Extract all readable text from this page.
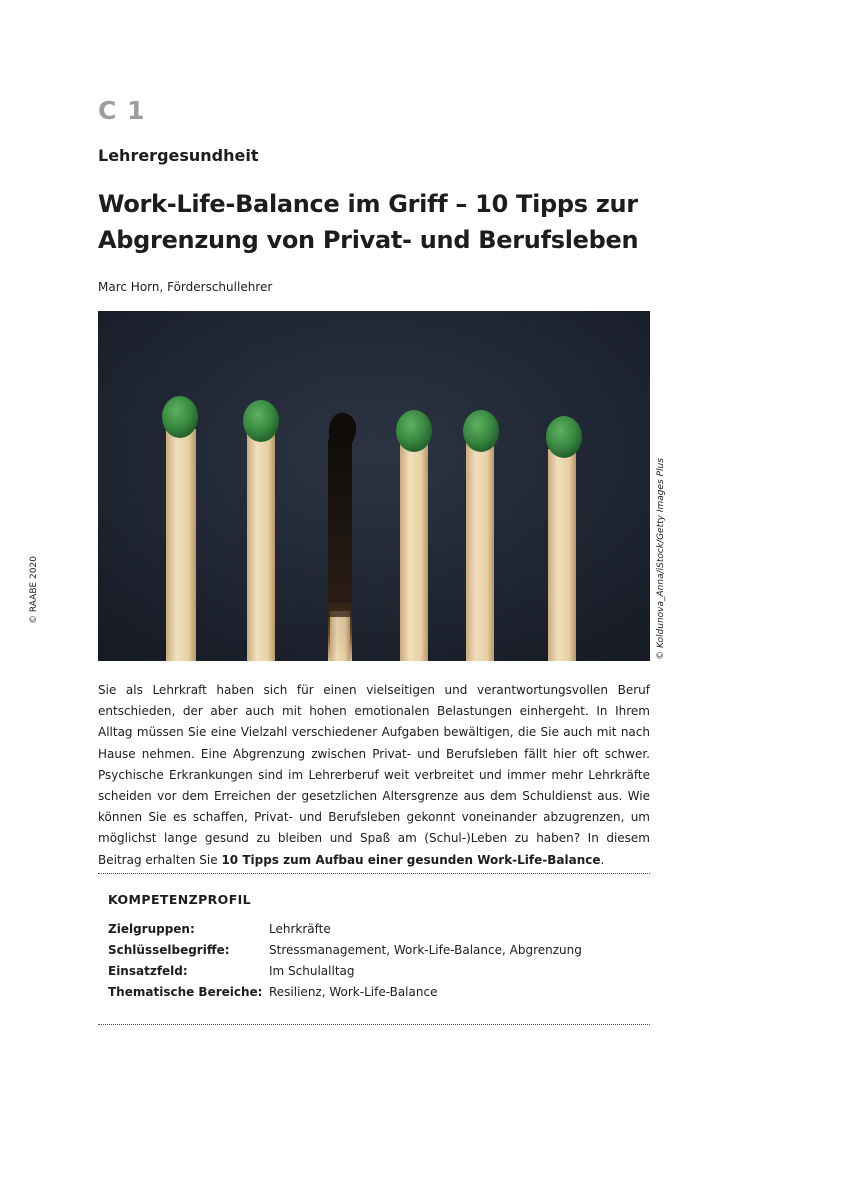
C 1
Lehrergesundheit
Work-Life-Balance im Griff – 10 Tipps zur
Abgrenzung von Privat- und Berufsleben
Marc Horn, Förderschullehrer
© RAABE 2020	© Koldunova_Anna/iStock/Getty Images Plus

Sie als Lehrkraft haben sich für einen vielseitigen und verantwortungsvollen Beruf entschieden, der aber auch mit hohen emotionalen Belastungen einhergeht. In Ihrem Alltag müssen Sie eine Vielzahl verschiedener Aufgaben bewältigen, die Sie auch mit nach Hause nehmen. Eine Abgrenzung zwischen Privat- und Berufsleben fällt hier oft schwer. Psychische Erkrankungen sind im Lehrerberuf weit verbreitet und immer mehr Lehrkräfte scheiden vor dem Erreichen der gesetzlichen Altersgrenze aus dem Schuldienst aus. Wie können Sie es schaffen, Privat- und Berufsleben gekonnt voneinander abzugrenzen, um möglichst lange gesund zu bleiben und Spaß am (Schul-)Leben zu haben? In diesem Beitrag erhalten Sie 10 Tipps zum Aufbau einer gesunden Work-Life-Balance.

KOMPETENZPROFIL
Zielgruppen:	Lehrkräfte
Schlüsselbegriffe:	Stressmanagement, Work-Life-Balance, Abgrenzung
Einsatzfeld:	Im Schulalltag
Thematische Bereiche: Resilienz, Work-Life-Balance
